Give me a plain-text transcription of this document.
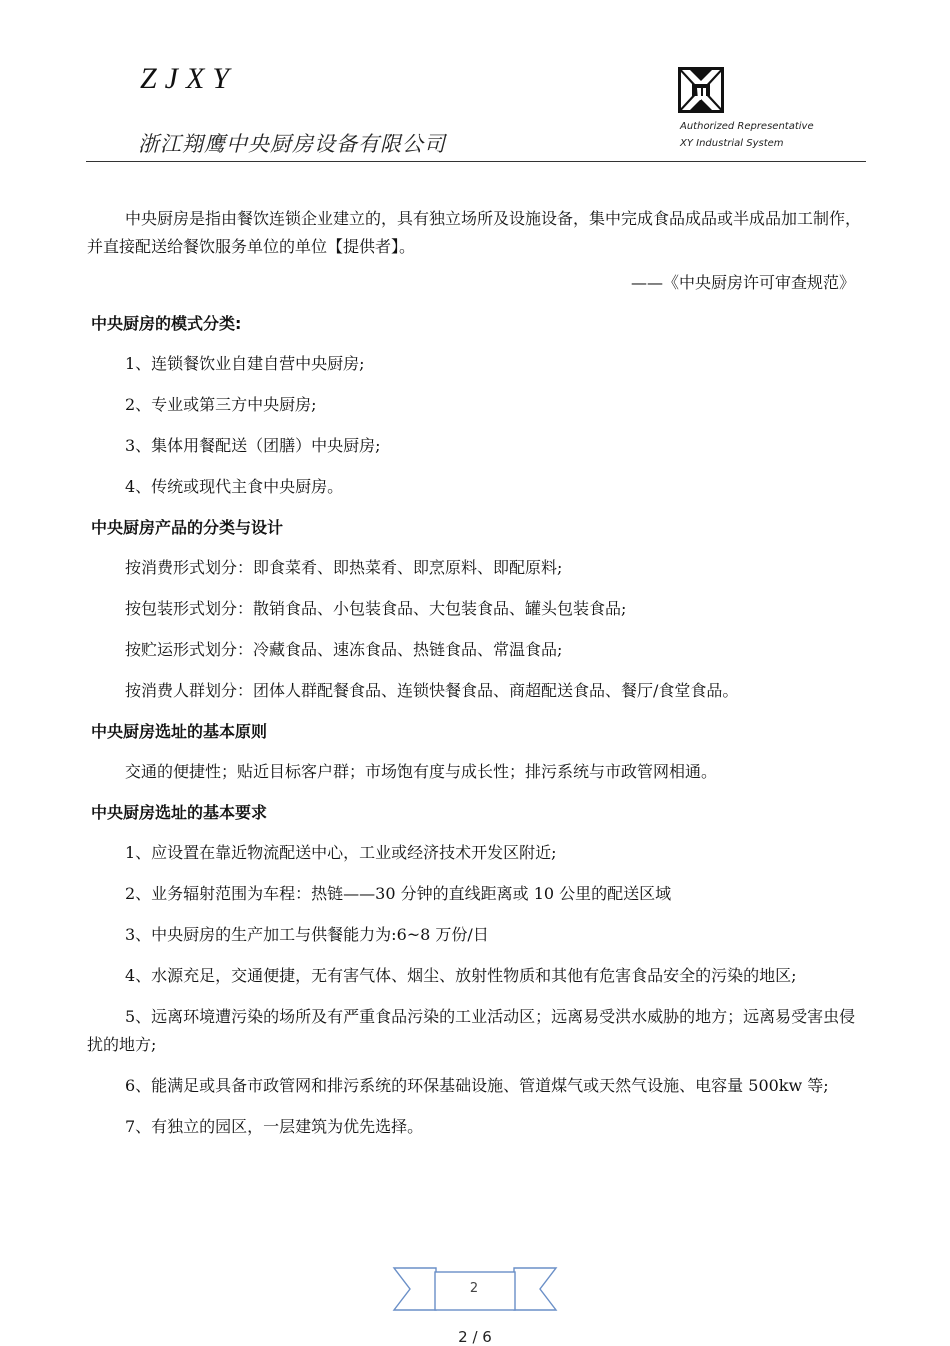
ZJXY
浙江翔鹰中央厨房设备有限公司
Authorized Representative
XY Industrial System

中央厨房是指由餐饮连锁企业建立的，具有独立场所及设施设备，集中完成食品成品或半成品加工制作，并直接配送给餐饮服务单位的单位【提供者】。

——《中央厨房许可审查规范》

中央厨房的模式分类:

1、连锁餐饮业自建自营中央厨房;

2、专业或第三方中央厨房;

3、集体用餐配送（团膳）中央厨房;

4、传统或现代主食中央厨房。

中央厨房产品的分类与设计

按消费形式划分：即食菜肴、即热菜肴、即烹原料、即配原料;

按包装形式划分：散销食品、小包装食品、大包装食品、罐头包装食品;

按贮运形式划分：冷藏食品、速冻食品、热链食品、常温食品;

按消费人群划分：团体人群配餐食品、连锁快餐食品、商超配送食品、餐厅/食堂食品。

中央厨房选址的基本原则

交通的便捷性；贴近目标客户群；市场饱有度与成长性；排污系统与市政管网相通。

中央厨房选址的基本要求

1、应设置在靠近物流配送中心，工业或经济技术开发区附近;

2、业务辐射范围为车程：热链——30 分钟的直线距离或 10 公里的配送区域

3、中央厨房的生产加工与供餐能力为:6~8 万份/日

4、水源充足，交通便捷，无有害气体、烟尘、放射性物质和其他有危害食品安全的污染的地区;

5、远离环境遭污染的场所及有严重食品污染的工业活动区；远离易受洪水威胁的地方；远离易受害虫侵扰的地方;

6、能满足或具备市政管网和排污系统的环保基础设施、管道煤气或天然气设施、电容量 500kw 等;

7、有独立的园区，一层建筑为优先选择。

2
2 / 6
